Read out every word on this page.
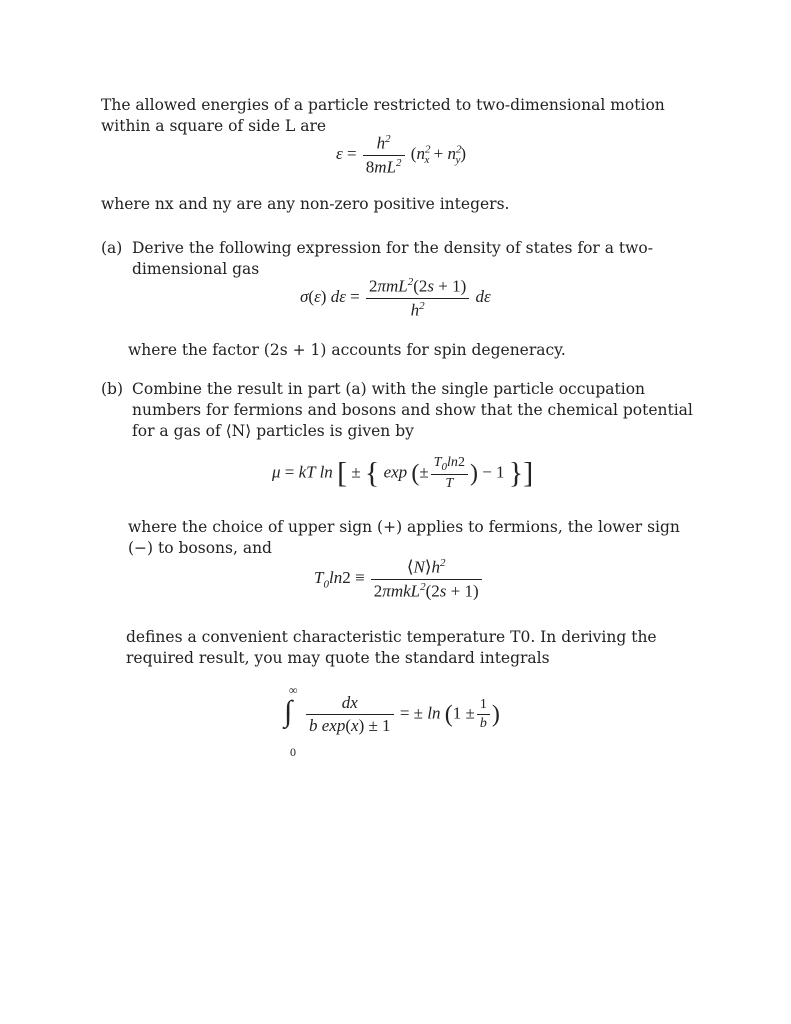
The allowed energies of a particle restricted to two-dimensional motion within a square of side L are
$\varepsilon = \frac{h^2}{8mL^2} (n^2_x + n^2_y)$
where nx and ny are any non-zero positive integers.
(a) Derive the following expression for the density of states for a two-dimensional gas
σ(ε) $d\varepsilon = \frac{2\pi mL^2(2s + 1)}{h^2}$ dε
where the factor (2s + 1) accounts for spin degeneracy.
(b) Combine the result in part (a) with the single particle occupation numbers for fermions and bosons and show that the chemical potential for a gas of ⟨N⟩ particles is given by
μ = kT ln [ ± { exp (± $\frac{T_0\ln 2}{T}$ ) − 1 }]
where the choice of upper sign (+) applies to fermions, the lower sign (−) to bosons, and
$T_0\ln 2 \equiv \frac{⟨N⟩h^2}{2\pi mkL^2(2s + 1)}$
defines a convenient characteristic temperature T0. In deriving the required result, you may quote the standard integrals
∞
∫
0
$\frac{dx}{\text{b exp(x) ± 1}}$ = ± $\ln (1 \pm \frac{1}{b}$ )
